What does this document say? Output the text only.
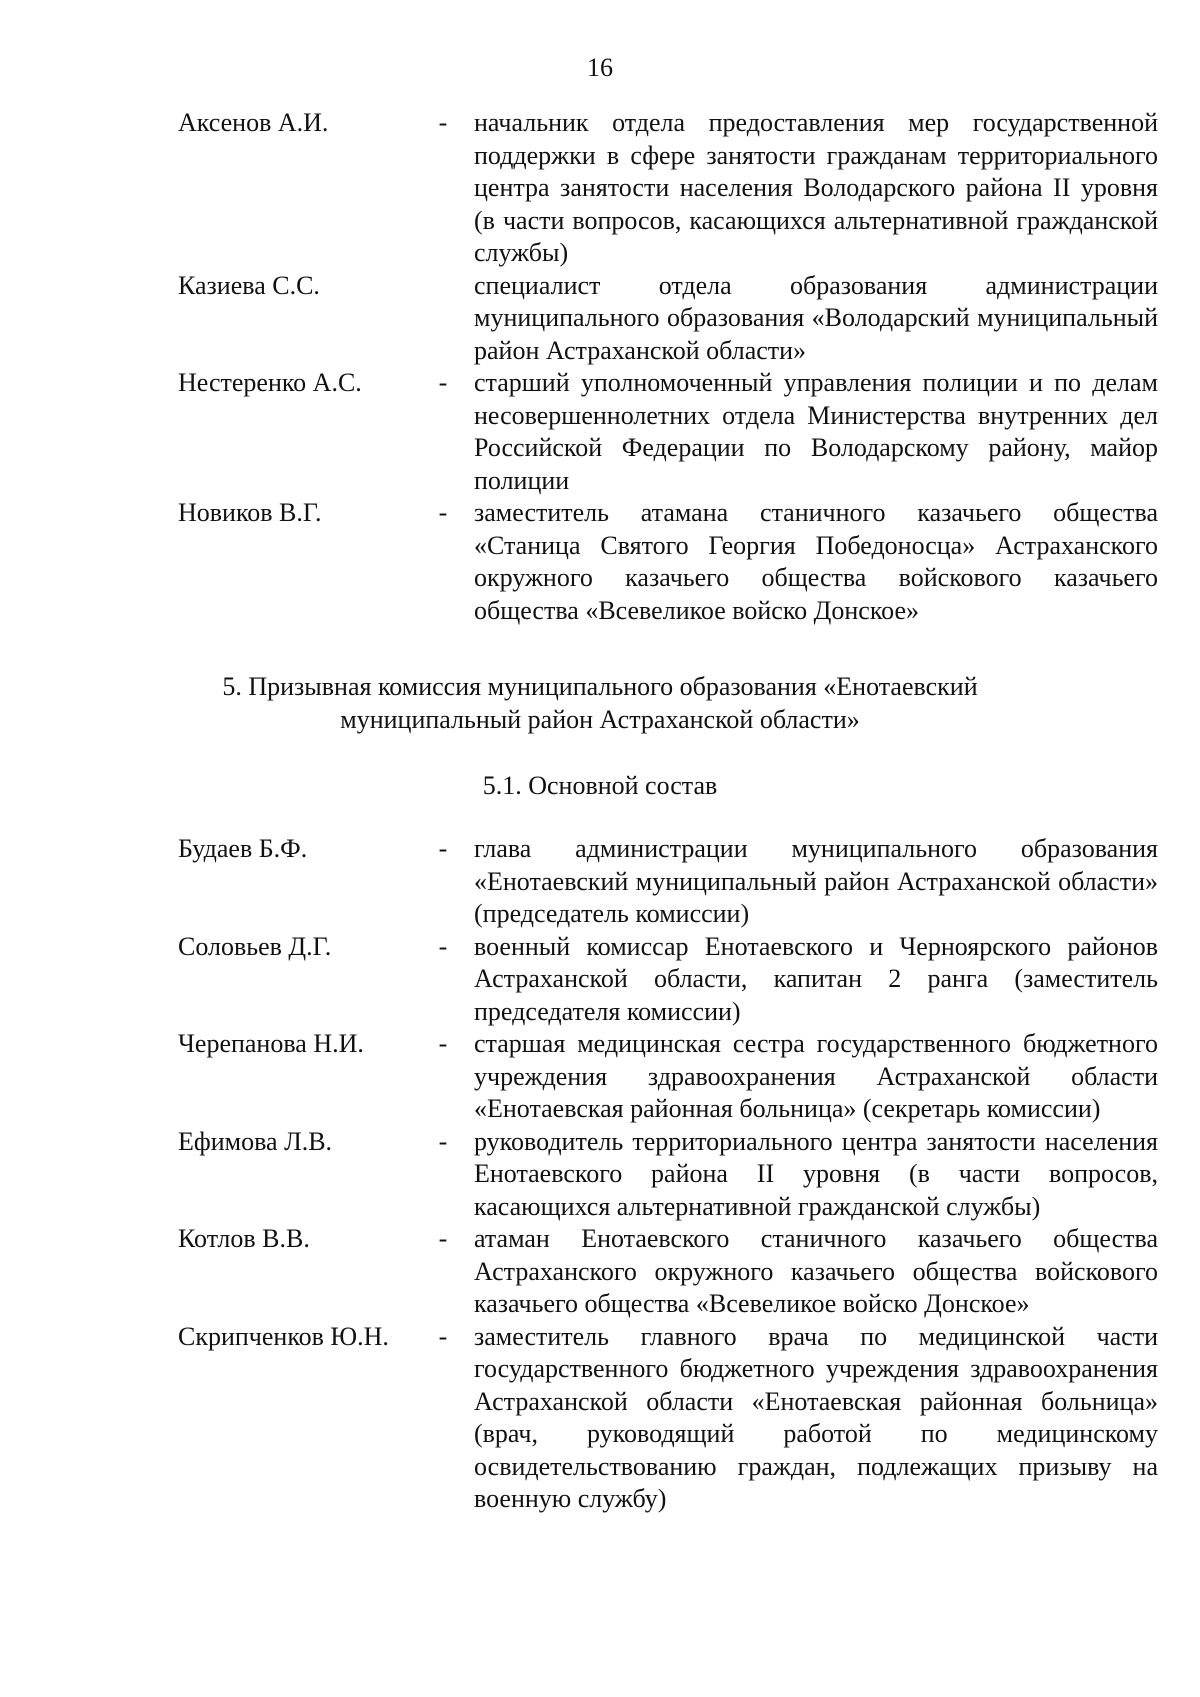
16
Аксенов А.И.	- начальник отдела предоставления мер государственной поддержки в сфере занятости гражданам территориального центра занятости населения Володарского района II уровня (в части вопросов, касающихся альтернативной гражданской службы)
Казиева С.С.	специалист отдела образования администрации муниципального образования «Володарский муниципальный район Астраханской области»
Нестеренко А.С.	- старший уполномоченный управления полиции и по делам несовершеннолетних отдела Министерства внутренних дел Российской Федерации по Володарскому району, майор полиции
Новиков В.Г.	- заместитель атамана станичного казачьего общества «Станица Святого Георгия Победоносца» Астраханского окружного казачьего общества войскового казачьего общества «Всевеликое войско Донское»
5. Призывная комиссия муниципального образования «Енотаевский
муниципальный район Астраханской области»
5.1. Основной состав
Будаев Б.Ф.	- глава администрации муниципального образования «Енотаевский муниципальный район Астраханской области» (председатель комиссии)
Соловьев Д.Г.	- военный комиссар Енотаевского и Черноярского районов Астраханской области, капитан 2 ранга (заместитель председателя комиссии)
Черепанова Н.И.	- старшая медицинская сестра государственного бюджетного учреждения здравоохранения Астраханской области «Енотаевская районная больница» (секретарь комиссии)
Ефимова Л.В.	- руководитель территориального центра занятости населения Енотаевского района II уровня (в части вопросов, касающихся альтернативной гражданской службы)
Котлов В.В.	- атаман Енотаевского станичного казачьего общества Астраханского окружного казачьего общества войскового казачьего общества «Всевеликое войско Донское»
Скрипченков Ю.Н.	- заместитель главного врача по медицинской части государственного бюджетного учреждения здравоохранения Астраханской области «Енотаевская районная больница» (врач, руководящий работой по медицинскому освидетельствованию граждан, подлежащих призыву на военную службу)
